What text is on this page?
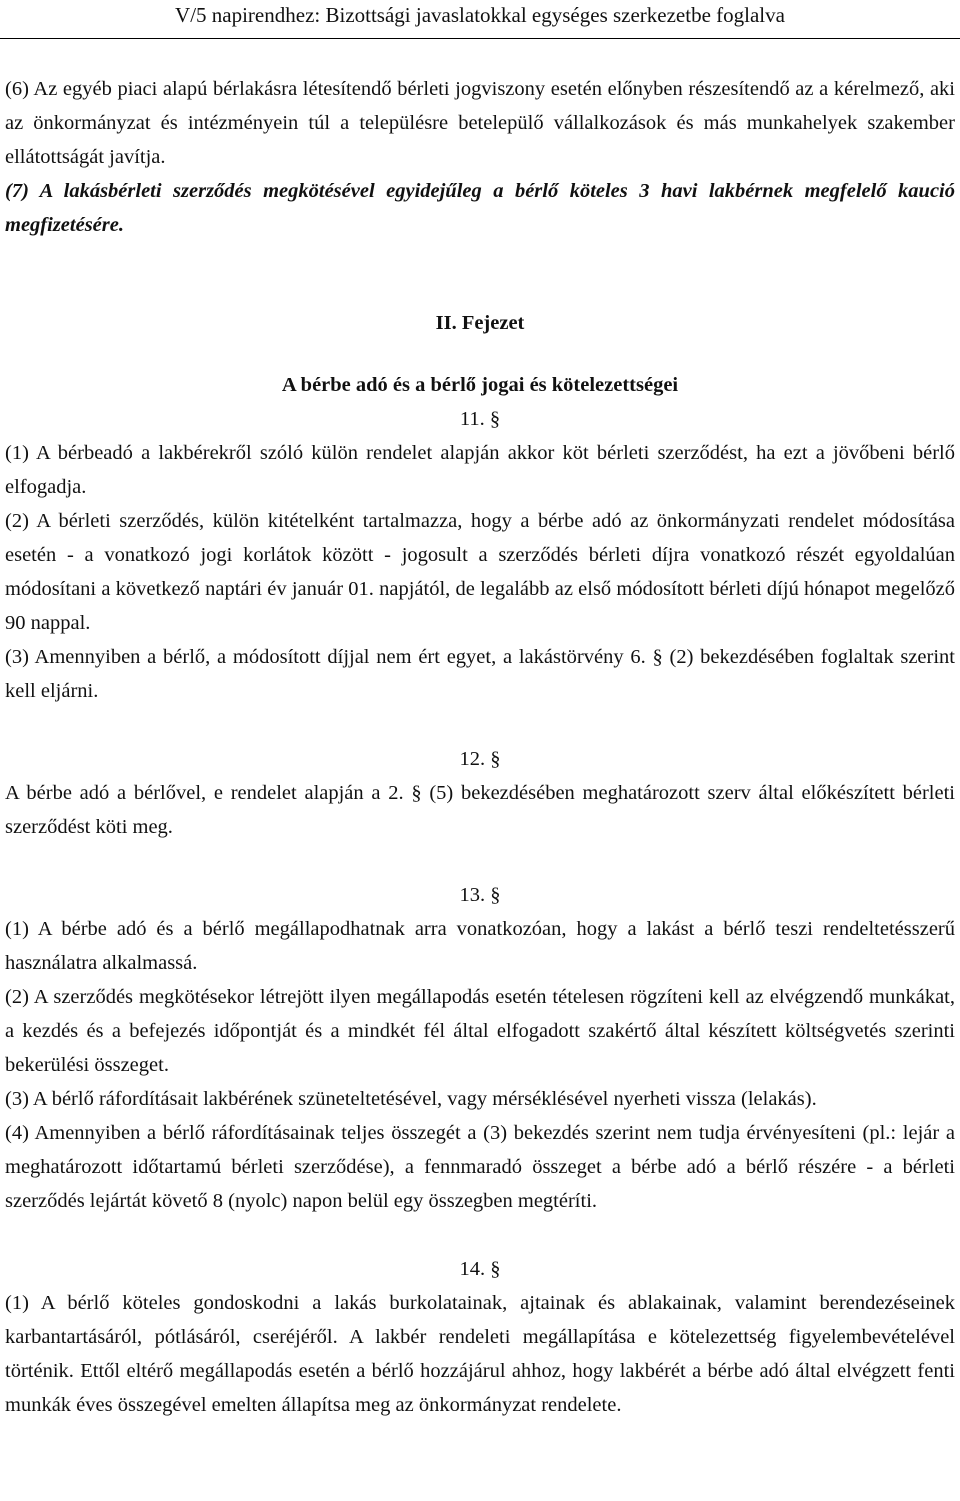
V/5 napirendhez: Bizottsági javaslatokkal egységes szerkezetbe foglalva

(6) Az egyéb piaci alapú bérlakásra létesítendő bérleti jogviszony esetén előnyben részesítendő az a kérelmező, aki az önkormányzat és intézményein túl a településre betelepülő vállalkozások és más munkahelyek szakember ellátottságát javítja.

(7) A lakásbérleti szerződés megkötésével egyidejűleg a bérlő köteles 3 havi lakbérnek megfelelő kaució megfizetésére.

II. Fejezet

A bérbe adó és a bérlő jogai és kötelezettségei

11. §

(1) A bérbeadó a lakbérekről szóló külön rendelet alapján akkor köt bérleti szerződést, ha ezt a jövőbeni bérlő elfogadja.

(2) A bérleti szerződés, külön kitételként tartalmazza, hogy a bérbe adó az önkormányzati rendelet módosítása esetén - a vonatkozó jogi korlátok között - jogosult a szerződés bérleti díjra vonatkozó részét egyoldalúan módosítani a következő naptári év január 01. napjától, de legalább az első módosított bérleti díjú hónapot megelőző 90 nappal.

(3) Amennyiben a bérlő, a módosított díjjal nem ért egyet, a lakástörvény 6. § (2) bekezdésében foglaltak szerint kell eljárni.

12. §

A bérbe adó a bérlővel, e rendelet alapján a 2. § (5) bekezdésében meghatározott szerv által előkészített bérleti szerződést köti meg.

13. §

(1) A bérbe adó és a bérlő megállapodhatnak arra vonatkozóan, hogy a lakást a bérlő teszi rendeltetésszerű használatra alkalmassá.

(2) A szerződés megkötésekor létrejött ilyen megállapodás esetén tételesen rögzíteni kell az elvégzendő munkákat, a kezdés és a befejezés időpontját és a mindkét fél által elfogadott szakértő által készített költségvetés szerinti bekerülési összeget.

(3) A bérlő ráfordításait lakbérének szüneteltetésével, vagy mérséklésével nyerheti vissza (lelakás).

(4) Amennyiben a bérlő ráfordításainak teljes összegét a (3) bekezdés szerint nem tudja érvényesíteni (pl.: lejár a meghatározott időtartamú bérleti szerződése), a fennmaradó összeget a bérbe adó a bérlő részére - a bérleti szerződés lejártát követő 8 (nyolc) napon belül egy összegben megtéríti.

14. §

(1) A bérlő köteles gondoskodni a lakás burkolatainak, ajtainak és ablakainak, valamint berendezéseinek karbantartásáról, pótlásáról, cseréjéről. A lakbér rendeleti megállapítása e kötelezettség figyelembevételével történik. Ettől eltérő megállapodás esetén a bérlő hozzájárul ahhoz, hogy lakbérét a bérbe adó által elvégzett fenti munkák éves összegével emelten állapítsa meg az önkormányzat rendelete.
